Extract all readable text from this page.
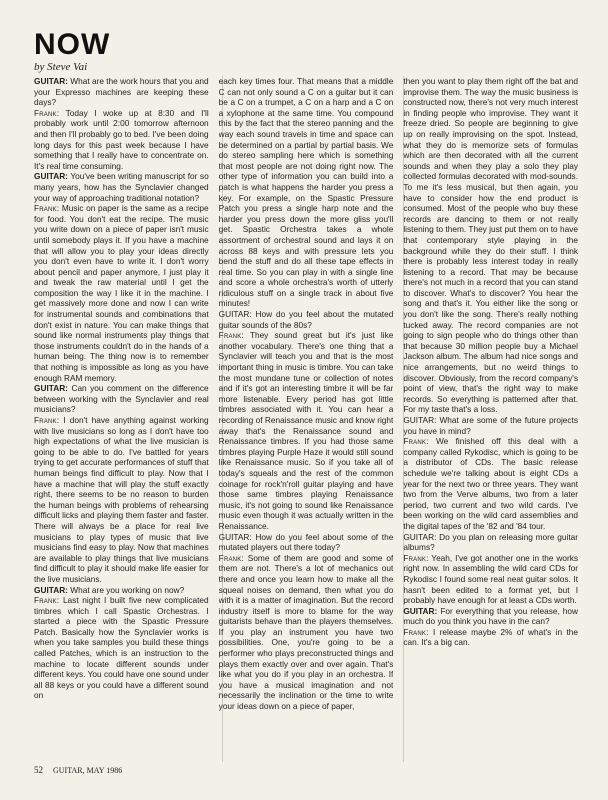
NOW
by Steve Vai

GUITAR: What are the work hours that you and your Expresso machines are keeping these days?

Frank: Today I woke up at 8:30 and I'll probably work until 2:00 tomorrow afternoon and then I'll probably go to bed. I've been doing long days for this past week because I have something that I really have to concentrate on. It's real time consuming.

GUITAR: You've been writing manuscript for so many years, how has the Synclavier changed your way of approaching traditional notation?

Frank: Music on paper is the same as a recipe for food. You don't eat the recipe. The music you write down on a piece of paper isn't music until somebody plays it. If you have a machine that will allow you to play your ideas directly you don't even have to write it. I don't worry about pencil and paper anymore, I just play it and tweak the raw material until I get the composition the way I like it in the machine. I get massively more done and now I can write for instrumental sounds and combinations that don't exist in nature. You can make things that sound like normal instruments play things that those instruments couldn't do in the hands of a human being. The thing now is to remember that nothing is impossible as long as you have enough RAM memory.

GUITAR: Can you comment on the difference between working with the Synclavier and real musicians?

Frank: I don't have anything against working with live musicians so long as I don't have too high expectations of what the live musician is going to be able to do. I've battled for years trying to get accurate performances of stuff that human beings find difficult to play. Now that I have a machine that will play the stuff exactly right, there seems to be no reason to burden the human beings with problems of rehearsing difficult licks and playing them faster and faster. There will always be a place for real live musicians to play types of music that live musicians find easy to play. Now that machines are available to play things that live musicians find difficult to play it should make life easier for the live musicians.

GUITAR: What are you working on now?

Frank: Last night I built five new complicated timbres which I call Spastic Orchestras. I started a piece with the Spastic Pressure Patch. Basically how the Synclavier works is when you take samples you build these things called Patches, which is an instruction to the machine to locate different sounds under different keys. You could have one sound under all 88 keys or you could have a different sound on

each key times four. That means that a middle C can not only sound a C on a guitar but it can be a C on a trumpet, a C on a harp and a C on a xylophone at the same time. You compound this by the fact that the stereo panning and the way each sound travels in time and space can be determined on a partial by partial basis. We do stereo sampling here which is something that most people are not doing right now. The other type of information you can build into a patch is what happens the harder you press a key. For example, on the Spastic Pressure Patch you press a single harp note and the harder you press down the more gliss you'll get. Spastic Orchestra takes a whole assortment of orchestral sound and lays it on across 88 keys and with pressure lets you bend the stuff and do all these tape effects in real time. So you can play in with a single line and score a whole orchestra's worth of utterly ridiculous stuff on a single track in about five minutes!

GUITAR: How do you feel about the mutated guitar sounds of the 80s?

Frank: They sound great but it's just like another vocabulary. There's one thing that a Synclavier will teach you and that is the most important thing in music is timbre. You can take the most mundane tune or collection of notes and if it's got an interesting timbre it will be far more listenable. Every period has got little timbres associated with it. You can hear a recording of Renaissance music and know right away that's the Renaissance sound and Renaissance timbres. If you had those same timbres playing Purple Haze it would still sound like Renaissance music. So if you take all of today's squeals and the rest of the common coinage for rock'n'roll guitar playing and have those same timbres playing Renaissance music, it's not going to sound like Renaissance music even though it was actually written in the Renaissance.

GUITAR: How do you feel about some of the mutated players out there today?

Frank: Some of them are good and some of them are not. There's a lot of mechanics out there and once you learn how to make all the squeal noises on demand, then what you do with it is a matter of imagination. But the record industry itself is more to blame for the way guitarists behave than the players themselves. If you play an instrument you have two possibilities. One, you're going to be a performer who plays preconstructed things and plays them exactly over and over again. That's like what you do if you play in an orchestra. If you have a musical imagination and not necessarily the inclination or the time to write your ideas down on a piece of paper,

then you want to play them right off the bat and improvise them. The way the music business is constructed now, there's not very much interest in finding people who improvise. They want it freeze dried. So people are beginning to give up on really improvising on the spot. Instead, what they do is memorize sets of formulas which are then decorated with all the current sounds and when they play a solo they play collected formulas decorated with mod-sounds. To me it's less musical, but then again, you have to consider how the end product is consumed. Most of the people who buy these records are dancing to them or not really listening to them. They just put them on to have that contemporary style playing in the background while they do their stuff. I think there is probably less interest today in really listening to a record. That may be because there's not much in a record that you can stand to discover. What's to discover? You hear the song and that's it. You either like the song or you don't like the song. There's really nothing tucked away. The record companies are not going to sign people who do things other than that because 30 million people buy a Michael Jackson album. The album had nice songs and nice arrangements, but no weird things to discover. Obviously, from the record company's point of view, that's the right way to make records. So everything is patterned after that. For my taste that's a loss.

GUITAR: What are some of the future projects you have in mind?

Frank: We finished off this deal with a company called Rykodisc, which is going to be a distributor of CDs. The basic release schedule we're talking about is eight CDs a year for the next two or three years. They want two from the Verve albums, two from a later period, two current and two wild cards. I've been working on the wild card assemblies and the digital tapes of the '82 and '84 tour.

GUITAR: Do you plan on releasing more guitar albums?

Frank: Yeah, I've got another one in the works right now. In assembling the wild card CDs for Rykodisc I found some real neat guitar solos. It hasn't been edited to a format yet, but I probably have enough for at least a CDs worth.

GUITAR: For everything that you release, how much do you think you have in the can?

Frank: I release maybe 2% of what's in the can. It's a big can.

52 GUITAR, MAY 1986
